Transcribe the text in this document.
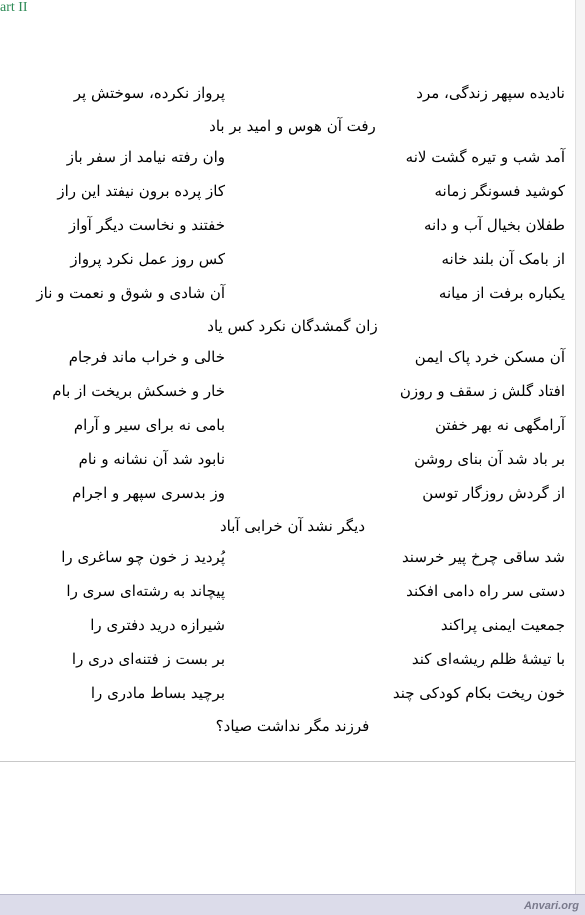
art II
نادیده سپهر زندگی، مرد
پرواز نکرده، سوختش پر
رفت آن هوس و امید بر باد
آمد شب و تیره گشت لانه
وان رفته نیامد از سفر باز
کوشید فسونگر زمانه
کاز پرده برون نیفتد این راز
طفلان بخیال آب و دانه
خفتند و نخاست دیگر آواز
از بامک آن بلند خانه
کس روز عمل نکرد پرواز
یکباره برفت از میانه
آن شادی و شوق و نعمت و ناز
زان گمشدگان نکرد کس یاد
آن مسکن خرد پاک ایمن
خالی و خراب ماند فرجام
افتاد گلش ز سقف و روزن
خار و خسکش بریخت از بام
آرامگهی نه بهر خفتن
بامی نه برای سیر و آرام
بر باد شد آن بنای روشن
نابود شد آن نشانه و نام
از گردش روزگار توسن
وز بدسری سپهر و اجرام
دیگر نشد آن خرابی آباد
شد ساقی چرخ پیر خرسند
پُردید ز خون چو ساغری را
دستی سر راه دامی افکند
پیچاند به رشته‌ای سری را
جمعیت ایمنی پراکند
شیرازه درید دفتری را
با تیشهٔ ظلم ریشه‌ای کند
بر بست ز فتنه‌ای دری را
خون ریخت بکام کودکی چند
برچید بساط مادری را
فرزند مگر نداشت صیاد؟
Anvari.org
